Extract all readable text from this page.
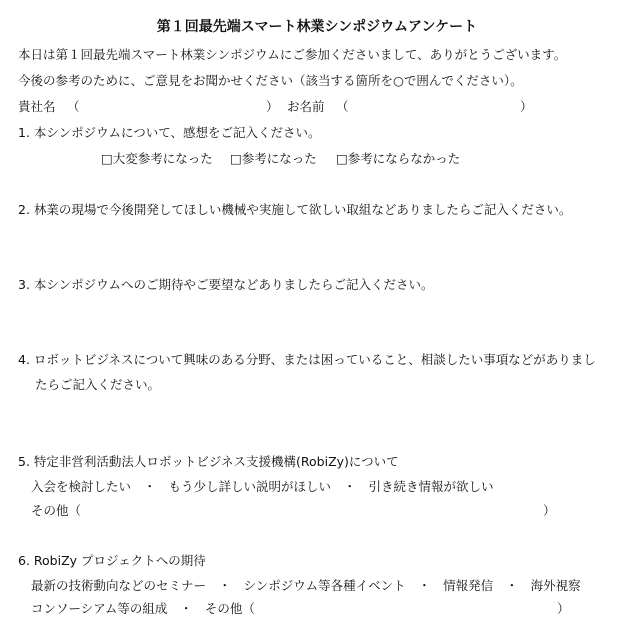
第１回最先端スマート林業シンポジウムアンケート
本日は第１回最先端スマート林業シンポジウムにご参加くださいまして、ありがとうございます。
今後の参考のために、ご意見をお聞かせください（該当する箇所を○で囲んでください）。
貴社名 （	） お名前 （	）
1. 本シンポジウムについて、感想をご記入ください。
□大変参考になった □参考になった □参考にならなかった
2. 林業の現場で今後開発してほしい機械や実施して欲しい取組などありましたらご記入ください。
3. 本シンポジウムへのご期待やご要望などありましたらご記入ください。
4. ロボットビジネスについて興味のある分野、または困っていること、相談したい事項などがありまし
たらご記入ください。
5. 特定非営利活動法人ロボットビジネス支援機構(RobiZy)について
入会を検討したい　・　もう少し詳しい説明がほしい　・　引き続き情報が欲しい
その他（	）
6. RobiZy プロジェクトへの期待
最新の技術動向などのセミナー　・　シンポジウム等各種イベント　・　情報発信　・　海外視察
コンソーシアム等の組成　・　その他（	）
